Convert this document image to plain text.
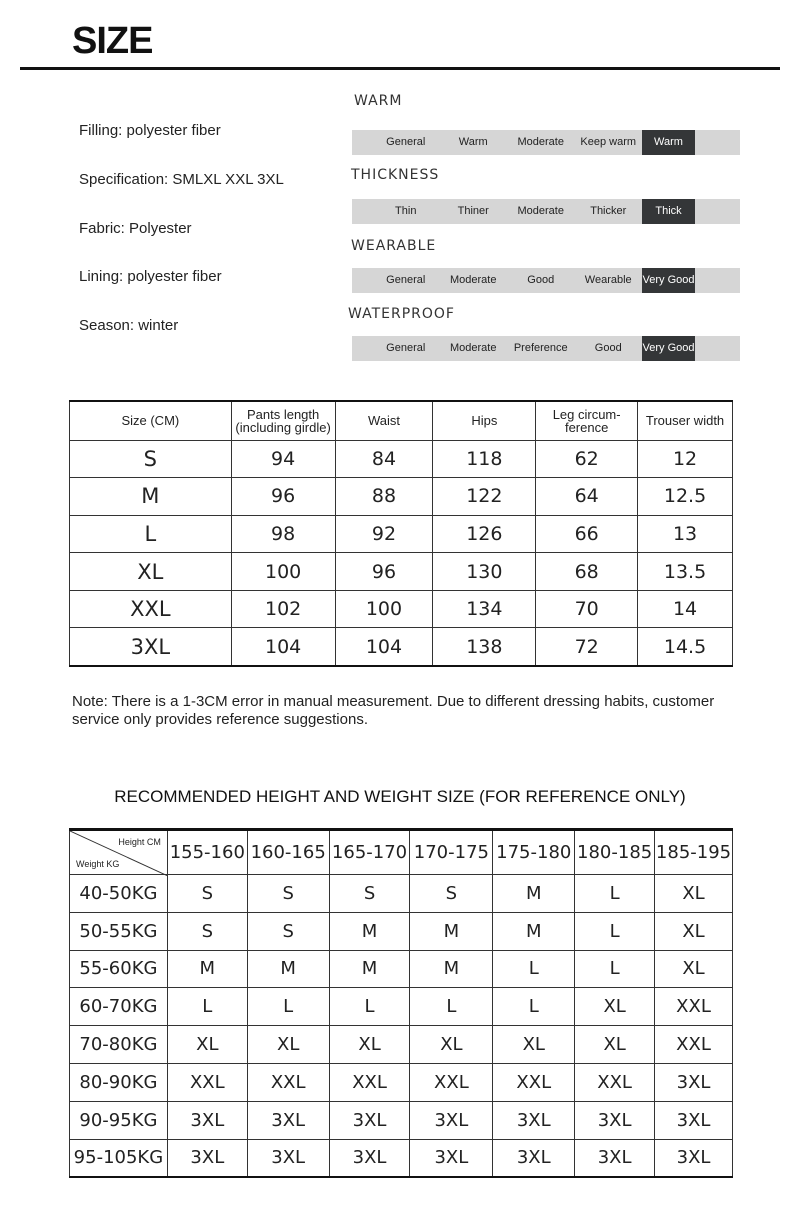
SIZE
Filling: polyester fiber
Specification: SMLXL XXL 3XL
Fabric: Polyester
Lining: polyester fiber
Season: winter
WARM
General	Warm	Moderate	Keep warm	Warm
THICKNESS
Thin	Thiner	Moderate	Thicker	Thick
WEARABLE
General	Moderate	Good	Wearable Very Good
WATERPROOF
General	Moderate	Preference	Good	Very Good
Size (CM)	Pants length (including girdle)	Waist	Hips	Leg circum- ference	Trouser width
S	94	84	118	62	12
M	96	88	122	64	12.5
L	98	92	126	66	13
XL	100	96	130	68	13.5
XXL	102	100	134	70	14
3XL	104	104	138	72	14.5
Note: There is a 1-3CM error in manual measurement. Due to different dressing habits, customer service only provides reference suggestions.
RECOMMENDED HEIGHT AND WEIGHT SIZE (FOR REFERENCE ONLY)
Height CM
Weight KG	155-160	160-165	165-170	170-175	175-180	180-185	185-195
40-50KG	S	S	S	S	M	L	XL
50-55KG	S	S	M	M	M	L	XL
55-60KG	M	M	M	M	L	L	XL
60-70KG	L	L	L	L	L	XL	XXL
70-80KG	XL	XL	XL	XL	XL	XL	XXL
80-90KG	XXL	XXL	XXL	XXL	XXL	XXL	3XL
90-95KG	3XL	3XL	3XL	3XL	3XL	3XL	3XL
95-105KG	3XL	3XL	3XL	3XL	3XL	3XL	3XL
